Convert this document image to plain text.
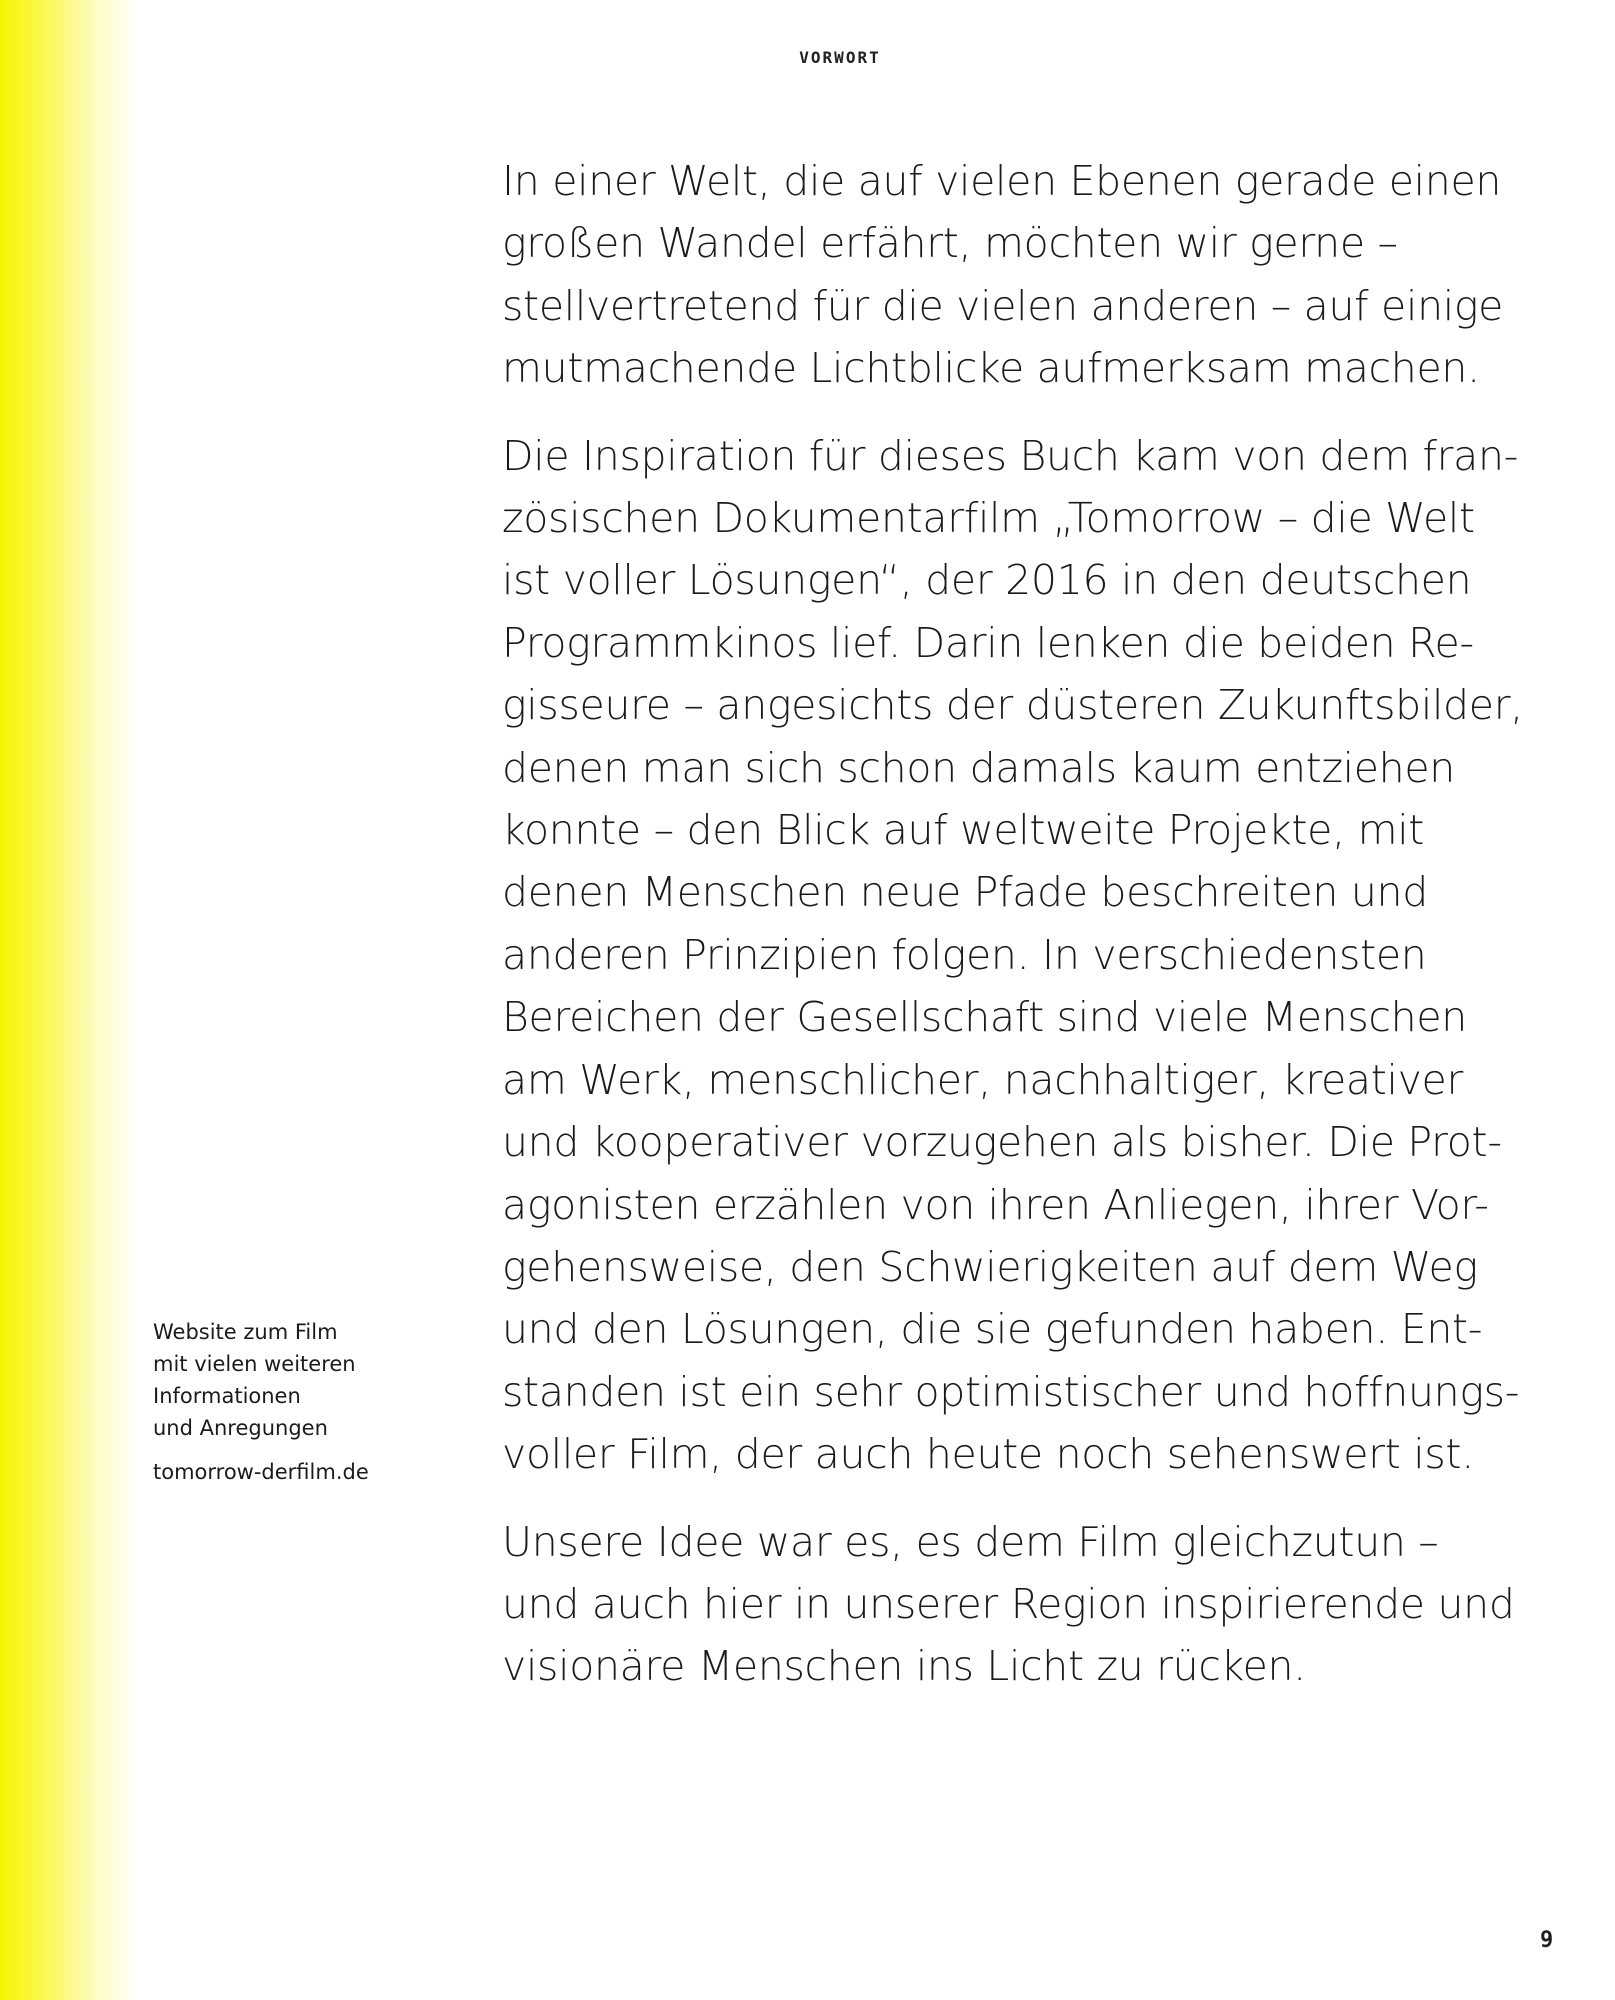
VORWORT

In einer Welt, die auf vielen Ebenen gerade einen
großen Wandel erfährt, möchten wir gerne –
stellvertretend für die vielen anderen – auf einige
mutmachende Lichtblicke aufmerksam machen.

Die Inspiration für dieses Buch kam von dem fran-
zösischen Dokumentarfilm „Tomorrow – die Welt
ist voller Lösungen“, der 2016 in den deutschen
Programmkinos lief. Darin lenken die beiden Re-
gisseure – angesichts der düsteren Zukunftsbilder,
denen man sich schon damals kaum entziehen
konnte – den Blick auf weltweite Projekte, mit
denen Menschen neue Pfade beschreiten und
anderen Prinzipien folgen. In verschiedensten
Bereichen der Gesellschaft sind viele Menschen
am Werk, menschlicher, nachhaltiger, kreativer
und kooperativer vorzugehen als bisher. Die Prot-
agonisten erzählen von ihren Anliegen, ihrer Vor-
gehensweise, den Schwierigkeiten auf dem Weg
und den Lösungen, die sie gefunden haben. Ent-
standen ist ein sehr optimistischer und hoffnungs-
voller Film, der auch heute noch sehenswert ist.

Unsere Idee war es, es dem Film gleichzutun –
und auch hier in unserer Region inspirierende und
visionäre Menschen ins Licht zu rücken.

Website zum Film
mit vielen weiteren
Informationen
und Anregungen
tomorrow-derfilm.de
9
